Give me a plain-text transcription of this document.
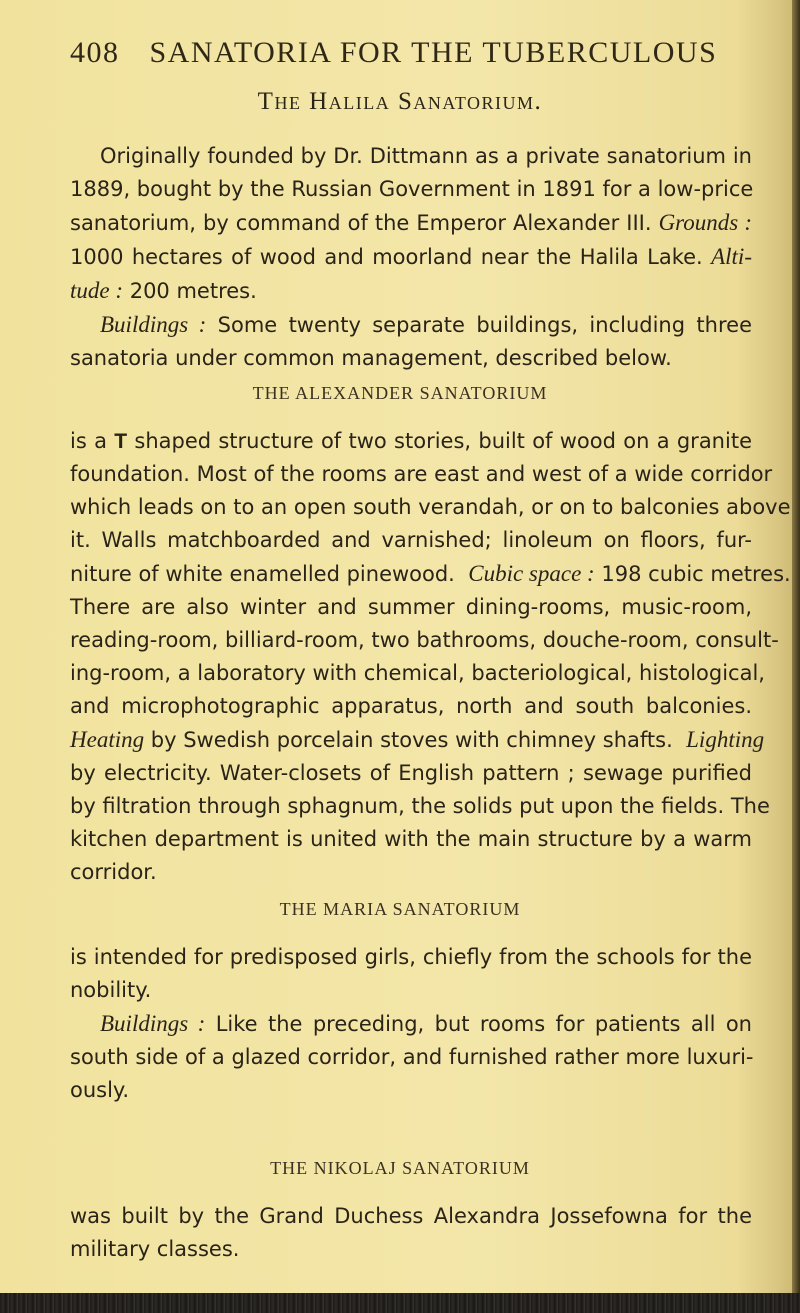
408 SANATORIA FOR THE TUBERCULOUS
The Halila Sanatorium.
Originally founded by Dr. Dittmann as a private sanatorium in
1889, bought by the Russian Government in 1891 for a low-price
sanatorium, by command of the Emperor Alexander III. Grounds :
1000 hectares of wood and moorland near the Halila Lake. Alti-
tude : 200 metres.
Buildings : Some twenty separate buildings, including three
sanatoria under common management, described below.
THE ALEXANDER SANATORIUM
is a T shaped structure of two stories, built of wood on a granite
foundation. Most of the rooms are east and west of a wide corridor
which leads on to an open south verandah, or on to balconies above
it. Walls matchboarded and varnished; linoleum on floors, fur-
niture of white enamelled pinewood. Cubic space : 198 cubic metres.
There are also winter and summer dining-rooms, music-room,
reading-room, billiard-room, two bathrooms, douche-room, consult-
ing-room, a laboratory with chemical, bacteriological, histological,
and microphotographic apparatus, north and south balconies.
Heating by Swedish porcelain stoves with chimney shafts. Lighting
by electricity. Water-closets of English pattern ; sewage purified
by filtration through sphagnum, the solids put upon the fields. The
kitchen department is united with the main structure by a warm
corridor.
THE MARIA SANATORIUM
is intended for predisposed girls, chiefly from the schools for the
nobility.
Buildings : Like the preceding, but rooms for patients all on
south side of a glazed corridor, and furnished rather more luxuri-
ously.
THE NIKOLAJ SANATORIUM
was built by the Grand Duchess Alexandra Jossefowna for the
military classes.
